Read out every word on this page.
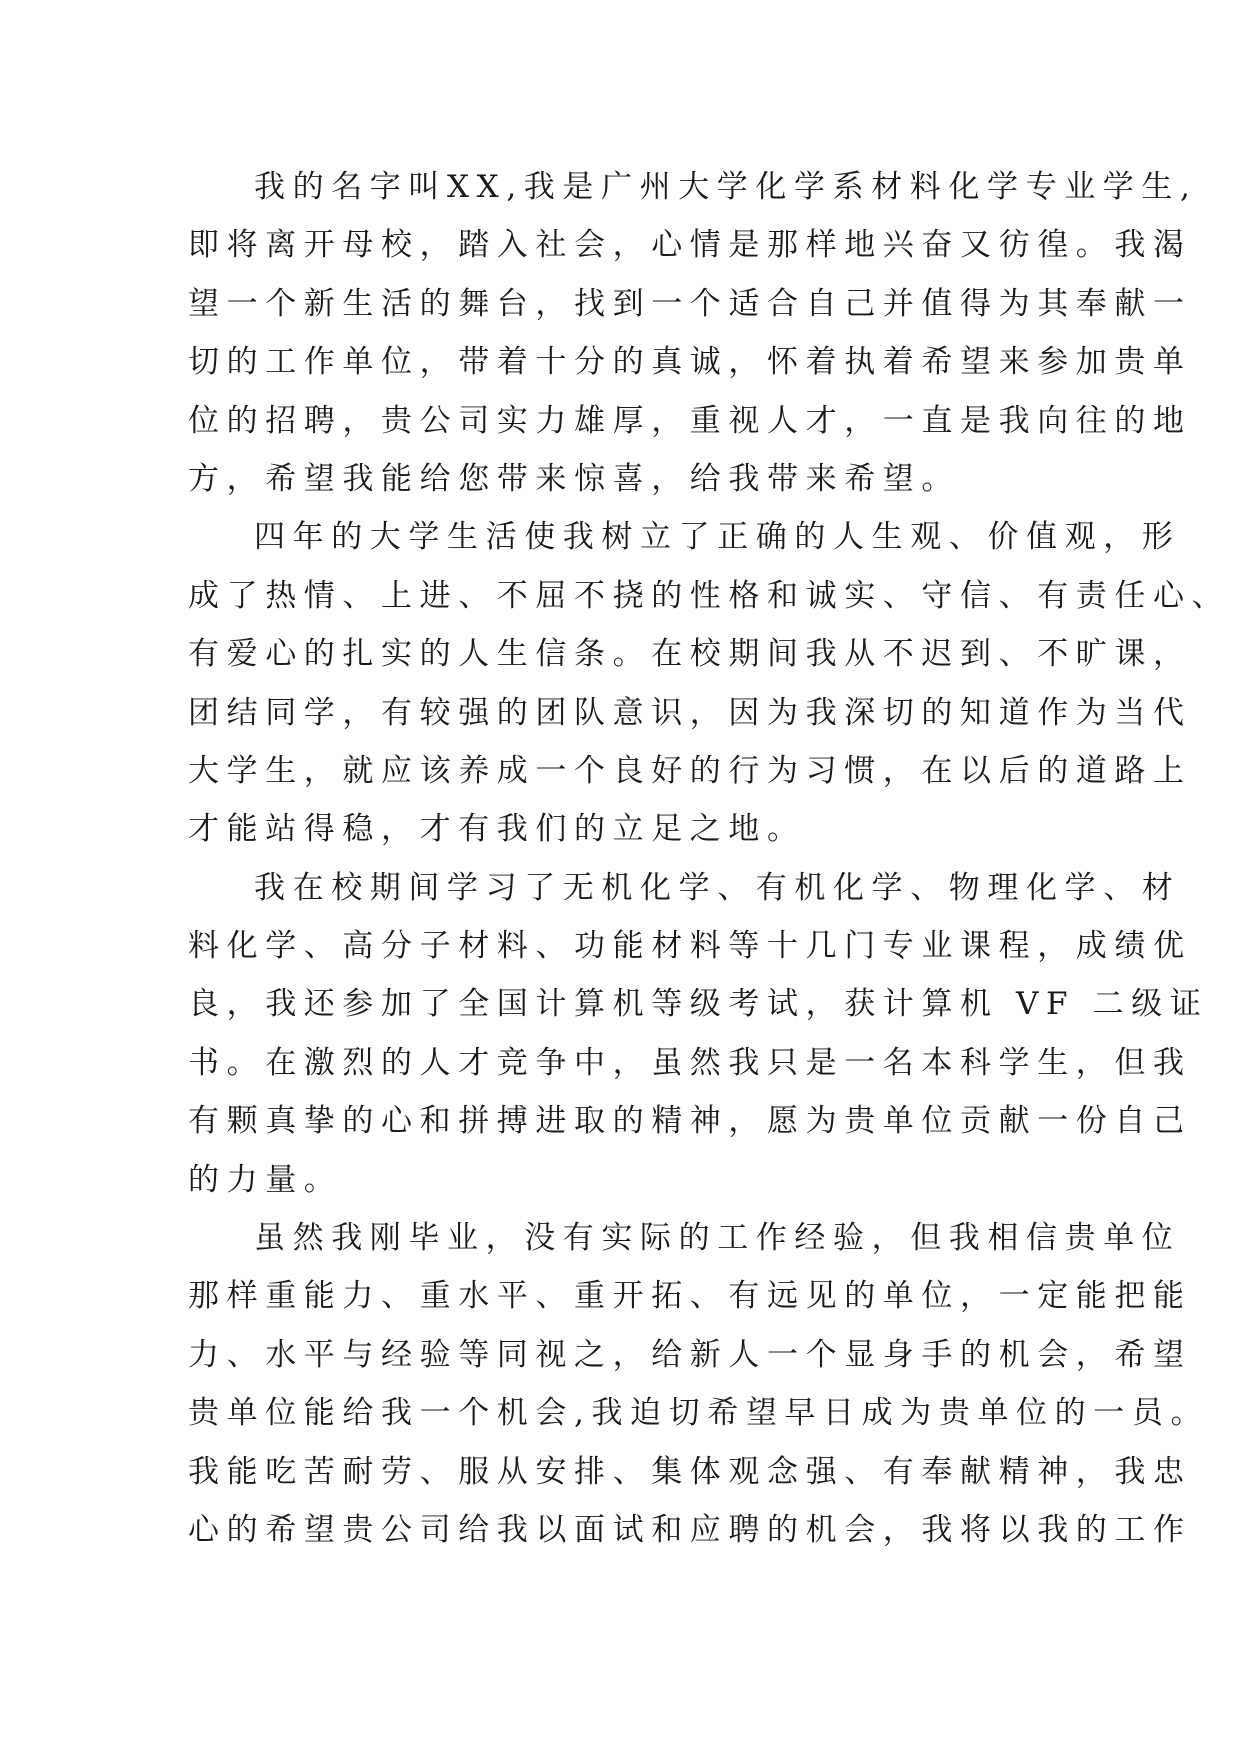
我的名字叫XX,我是广州大学化学系材料化学专业学生,
即将离开母校，踏入社会，心情是那样地兴奋又彷徨。我渴
望一个新生活的舞台，找到一个适合自己并值得为其奉献一
切的工作单位，带着十分的真诚，怀着执着希望来参加贵单
位的招聘，贵公司实力雄厚，重视人才，一直是我向往的地
方，希望我能给您带来惊喜，给我带来希望。
四年的大学生活使我树立了正确的人生观、价值观，形
成了热情、上进、不屈不挠的性格和诚实、守信、有责任心、
有爱心的扎实的人生信条。在校期间我从不迟到、不旷课，
团结同学，有较强的团队意识，因为我深切的知道作为当代
大学生，就应该养成一个良好的行为习惯，在以后的道路上
才能站得稳，才有我们的立足之地。
我在校期间学习了无机化学、有机化学、物理化学、材
料化学、高分子材料、功能材料等十几门专业课程，成绩优
良，我还参加了全国计算机等级考试，获计算机 VF 二级证
书。在激烈的人才竞争中，虽然我只是一名本科学生，但我
有颗真挚的心和拼搏进取的精神，愿为贵单位贡献一份自己
的力量。
虽然我刚毕业，没有实际的工作经验，但我相信贵单位
那样重能力、重水平、重开拓、有远见的单位，一定能把能
力、水平与经验等同视之，给新人一个显身手的机会，希望
贵单位能给我一个机会,我迫切希望早日成为贵单位的一员。
我能吃苦耐劳、服从安排、集体观念强、有奉献精神，我忠
心的希望贵公司给我以面试和应聘的机会，我将以我的工作
